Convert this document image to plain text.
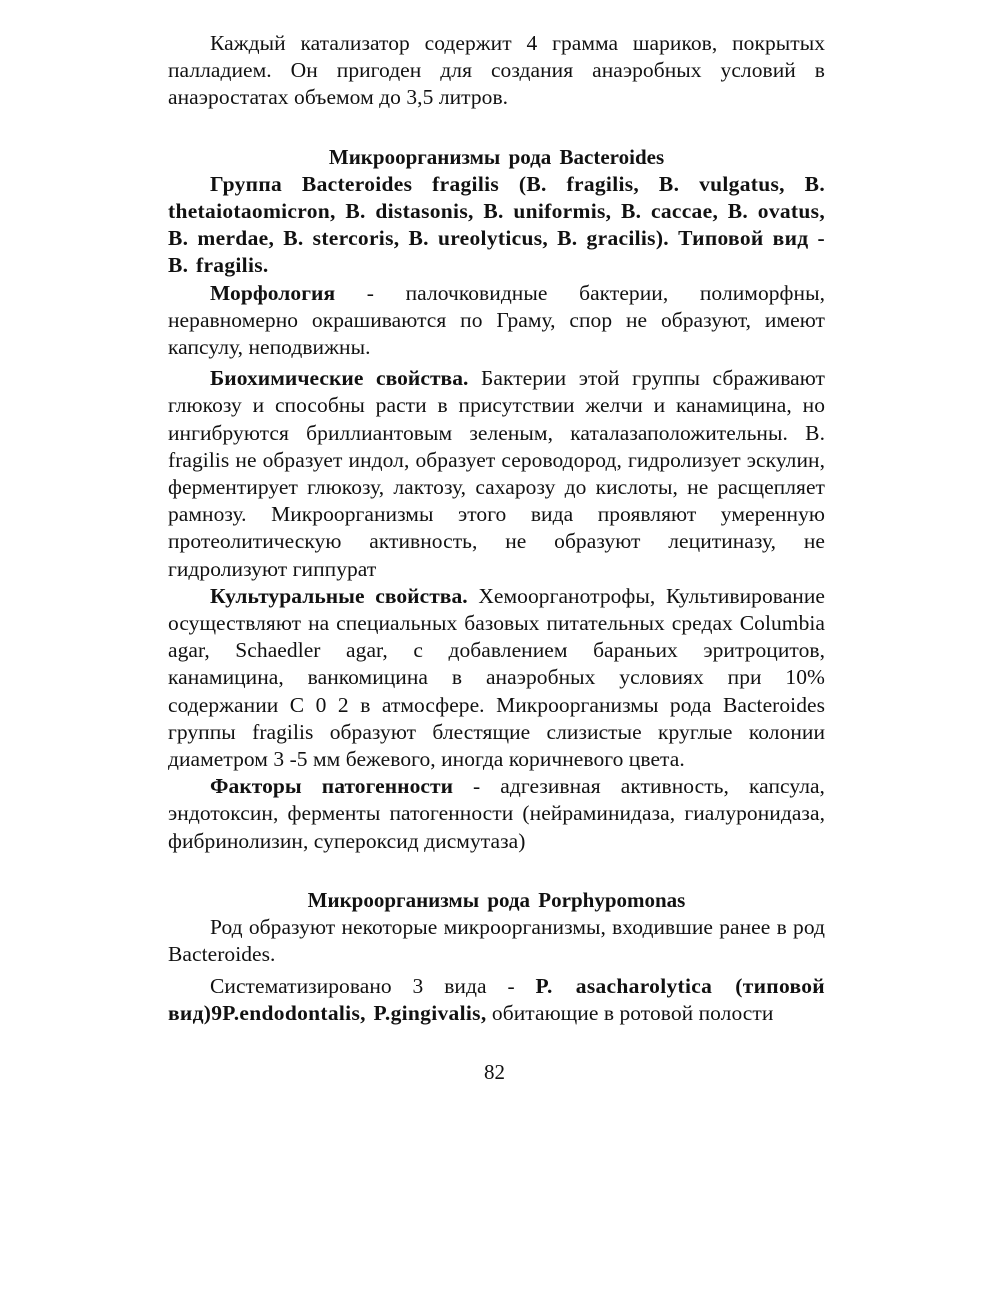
Каждый катализатор содержит 4 грамма шариков, покрытых палладием. Он пригоден для создания анаэробных условий в анаэростатах объемом до 3,5 литров.

Микроорганизмы рода Bacteroides

Группа Bacteroides fragilis (B. fragilis, B. vulgatus, B. thetaiotaomicron, B. distasonis, B. uniformis, B. caccae, B. ovatus, B. merdae, B. stercoris, B. ureolyticus, B. gracilis). Типовой вид - B. fragilis.

Морфология - палочковидные бактерии, полиморфны, неравномерно окрашиваются по Граму, спор не образуют, имеют капсулу, неподвижны.

Биохимические свойства. Бактерии этой группы сбраживают глюкозу и способны расти в присутствии желчи и канамицина, но ингибруются бриллиантовым зеленым, каталазаположительны. B. fragilis не образует индол, образует сероводород, гидролизует эскулин, ферментирует глюкозу, лактозу, сахарозу до кислоты, не расщепляет рамнозу. Микроорганизмы этого вида проявляют умеренную протеолитическую активность, не образуют лецитиназу, не гидролизуют гиппурат

Культуральные свойства. Хемоорганотрофы, Культивирование осуществляют на специальных базовых питательных средах Columbia agar, Schaedler agar, с добавлением бараньих эритроцитов, канамицина, ванкомицина в анаэробных условиях при 10% содержании С 0 2 в атмосфере. Микроорганизмы рода Bacteroides группы fragilis образуют блестящие слизистые круглые колонии диаметром 3 -5 мм бежевого, иногда коричневого цвета.

Факторы патогенности - адгезивная активность, капсула, эндотоксин, ферменты патогенности (нейраминидаза, гиалуронидаза, фибринолизин, супероксид дисмутаза)

Микроорганизмы рода Porphypomonas

Род образуют некоторые микроорганизмы, входившие ранее в род Bacteroides.

Систематизировано 3 вида - P. asacharolytica (типовой вид)9P.endodontalis, P.gingivalis, обитающие в ротовой полости

82
